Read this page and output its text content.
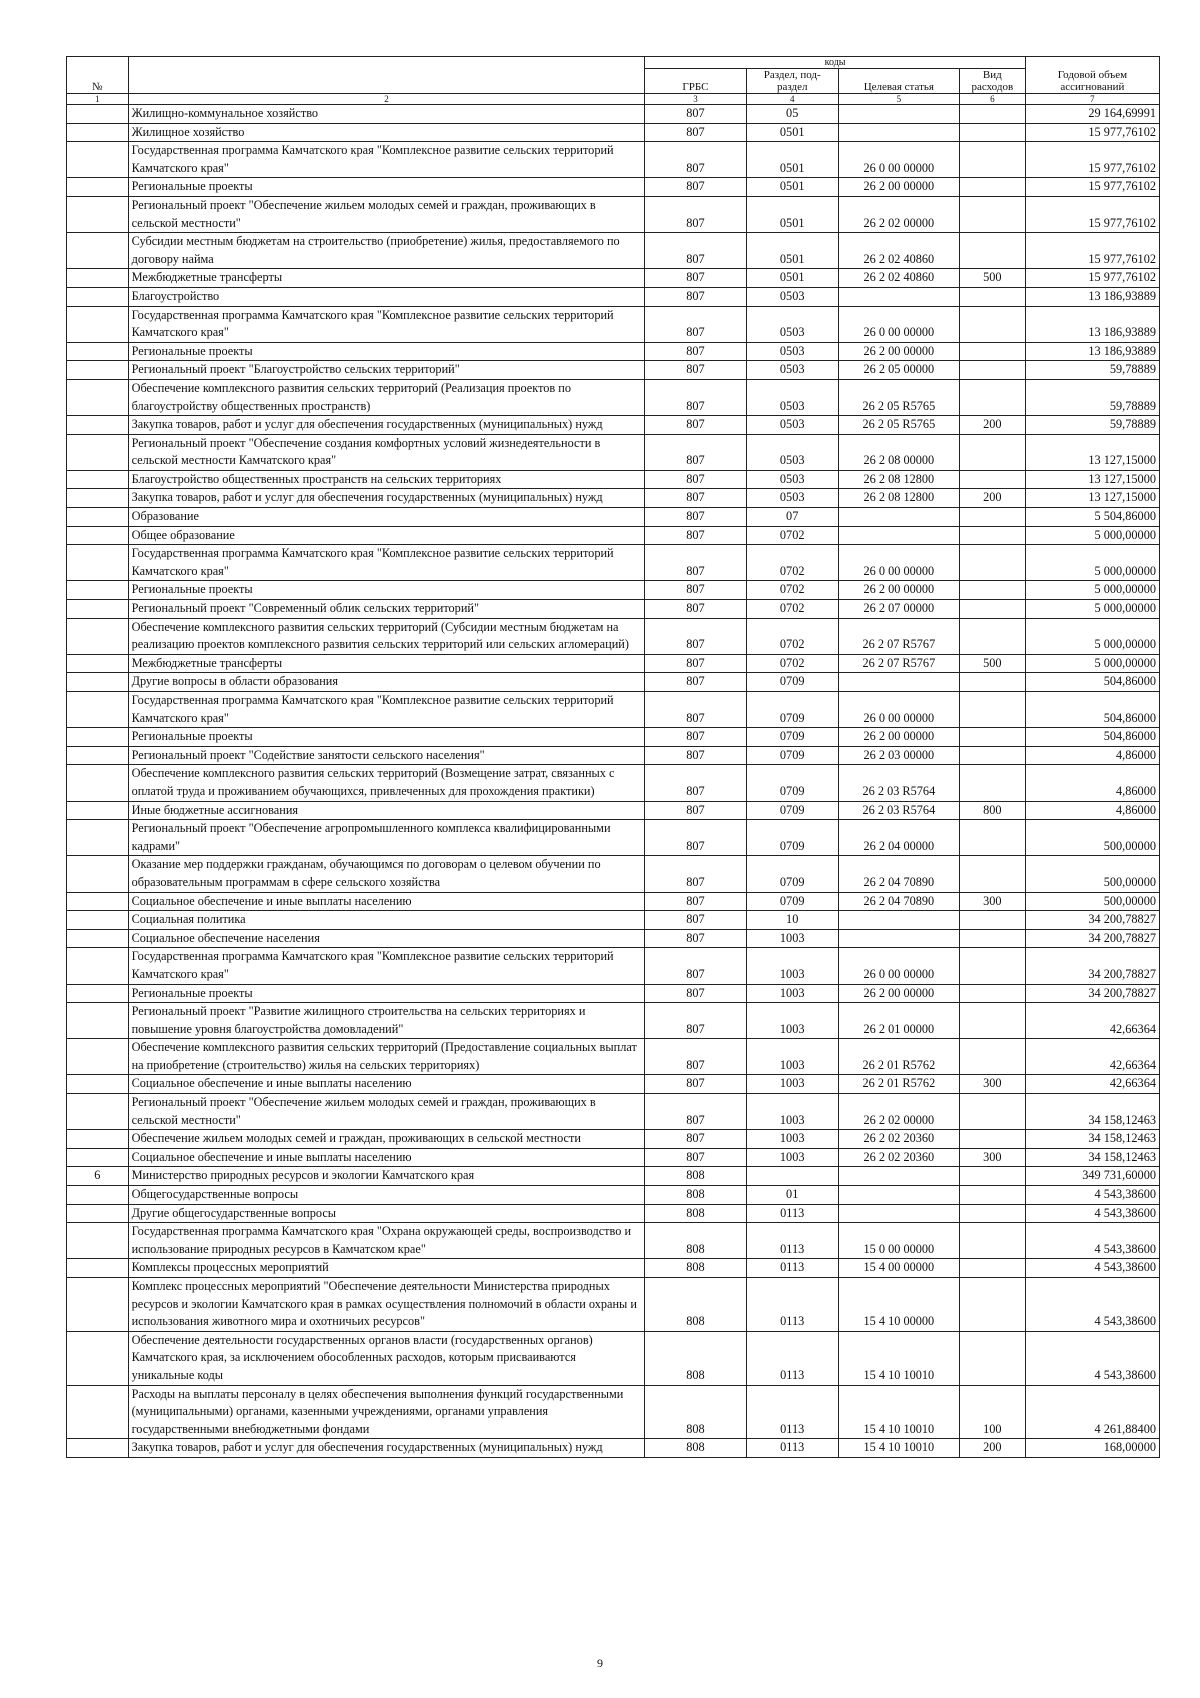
№		коды				Годовой объем ассигнований
		ГРБС	Раздел, под-раздел	Целевая статья	Вид расходов	
1	2	3	4	5	6	7
	Жилищно-коммунальное хозяйство	807	05			29 164,69991
	Жилищное хозяйство	807	0501			15 977,76102
	Государственная программа Камчатского края "Комплексное развитие сельских территорий Камчатского края"	807	0501	26 0 00 00000		15 977,76102
	Региональные проекты	807	0501	26 2 00 00000		15 977,76102
	Региональный проект "Обеспечение жильем молодых семей и граждан, проживающих в сельской местности"	807	0501	26 2 02 00000		15 977,76102
	Субсидии местным бюджетам на строительство (приобретение) жилья, предоставляемого по договору найма	807	0501	26 2 02 40860		15 977,76102
	Межбюджетные трансферты	807	0501	26 2 02 40860	500	15 977,76102
	Благоустройство	807	0503			13 186,93889
	Государственная программа Камчатского края "Комплексное развитие сельских территорий Камчатского края"	807	0503	26 0 00 00000		13 186,93889
	Региональные проекты	807	0503	26 2 00 00000		13 186,93889
	Региональный проект "Благоустройство сельских территорий"	807	0503	26 2 05 00000		59,78889
	Обеспечение комплексного развития сельских территорий (Реализация проектов по благоустройству общественных пространств)	807	0503	26 2 05 R5765		59,78889
	Закупка товаров, работ и услуг для обеспечения государственных (муниципальных) нужд	807	0503	26 2 05 R5765	200	59,78889
	Региональный проект "Обеспечение создания комфортных условий жизнедеятельности в сельской местности Камчатского края"	807	0503	26 2 08 00000		13 127,15000
	Благоустройство общественных пространств на сельских территориях	807	0503	26 2 08 12800		13 127,15000
	Закупка товаров, работ и услуг для обеспечения государственных (муниципальных) нужд	807	0503	26 2 08 12800	200	13 127,15000
	Образование	807	07			5 504,86000
	Общее образование	807	0702			5 000,00000
	Государственная программа Камчатского края "Комплексное развитие сельских территорий Камчатского края"	807	0702	26 0 00 00000		5 000,00000
	Региональные проекты	807	0702	26 2 00 00000		5 000,00000
	Региональный проект "Современный облик сельских территорий"	807	0702	26 2 07 00000		5 000,00000
	Обеспечение комплексного развития сельских территорий (Субсидии местным бюджетам на реализацию проектов комплексного развития сельских территорий или сельских агломераций)	807	0702	26 2 07 R5767		5 000,00000
	Межбюджетные трансферты	807	0702	26 2 07 R5767	500	5 000,00000
	Другие вопросы в области образования	807	0709			504,86000
	Государственная программа Камчатского края "Комплексное развитие сельских территорий Камчатского края"	807	0709	26 0 00 00000		504,86000
	Региональные проекты	807	0709	26 2 00 00000		504,86000
	Региональный проект "Содействие занятости сельского населения"	807	0709	26 2 03 00000		4,86000
	Обеспечение комплексного развития сельских территорий (Возмещение затрат, связанных с оплатой труда и проживанием обучающихся, привлеченных для прохождения практики)	807	0709	26 2 03 R5764		4,86000
	Иные бюджетные ассигнования	807	0709	26 2 03 R5764	800	4,86000
	Региональный проект "Обеспечение агропромышленного комплекса квалифицированными кадрами"	807	0709	26 2 04 00000		500,00000
	Оказание мер поддержки гражданам, обучающимся по договорам о целевом обучении по образовательным программам в сфере сельского хозяйства	807	0709	26 2 04 70890		500,00000
	Социальное обеспечение и иные выплаты населению	807	0709	26 2 04 70890	300	500,00000
	Социальная политика	807	10			34 200,78827
	Социальное обеспечение населения	807	1003			34 200,78827
	Государственная программа Камчатского края "Комплексное развитие сельских территорий Камчатского края"	807	1003	26 0 00 00000		34 200,78827
	Региональные проекты	807	1003	26 2 00 00000		34 200,78827
	Региональный проект "Развитие жилищного строительства на сельских территориях и повышение уровня благоустройства домовладений"	807	1003	26 2 01 00000		42,66364
	Обеспечение комплексного развития сельских территорий (Предоставление социальных выплат на приобретение (строительство) жилья на сельских территориях)	807	1003	26 2 01 R5762		42,66364
	Социальное обеспечение и иные выплаты населению	807	1003	26 2 01 R5762	300	42,66364
	Региональный проект "Обеспечение жильем молодых семей и граждан, проживающих в сельской местности"	807	1003	26 2 02 00000		34 158,12463
	Обеспечение жильем молодых семей и граждан, проживающих в сельской местности	807	1003	26 2 02 20360		34 158,12463
	Социальное обеспечение и иные выплаты населению	807	1003	26 2 02 20360	300	34 158,12463
6	Министерство природных ресурсов и экологии Камчатского края	808				349 731,60000
	Общегосударственные вопросы	808	01			4 543,38600
	Другие общегосударственные вопросы	808	0113			4 543,38600
	Государственная программа Камчатского края "Охрана окружающей среды, воспроизводство и использование природных ресурсов в Камчатском крае"	808	0113	15 0 00 00000		4 543,38600
	Комплексы процессных мероприятий	808	0113	15 4 00 00000		4 543,38600
	Комплекс процессных мероприятий "Обеспечение деятельности Министерства природных ресурсов и экологии Камчатского края в рамках осуществления полномочий в области охраны и использования животного мира и охотничьих ресурсов"	808	0113	15 4 10 00000		4 543,38600
	Обеспечение деятельности государственных органов власти (государственных органов) Камчатского края, за исключением обособленных расходов, которым присваиваются уникальные коды	808	0113	15 4 10 10010		4 543,38600
	Расходы на выплаты персоналу в целях обеспечения выполнения функций государственными (муниципальными) органами, казенными учреждениями, органами управления государственными внебюджетными фондами	808	0113	15 4 10 10010	100	4 261,88400
	Закупка товаров, работ и услуг для обеспечения государственных (муниципальных) нужд	808	0113	15 4 10 10010	200	168,00000
9
